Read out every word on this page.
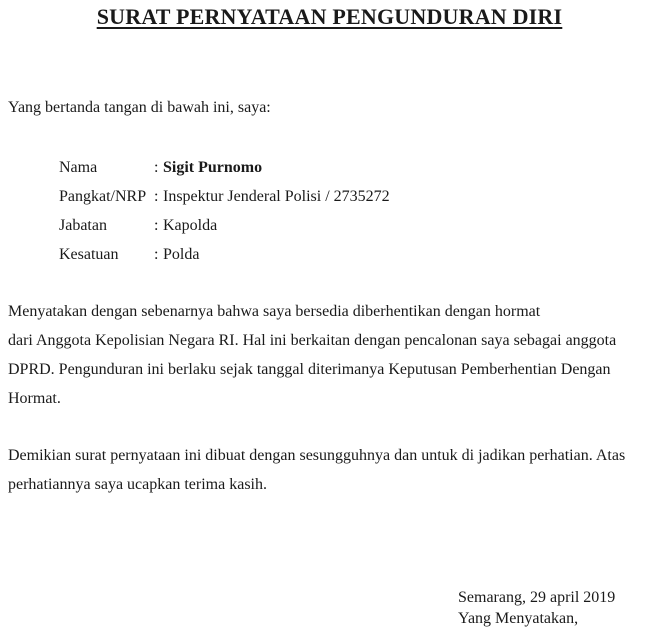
SURAT PERNYATAAN PENGUNDURAN DIRI
Yang bertanda tangan di bawah ini, saya:
Nama	: Sigit Purnomo
Pangkat/NRP : Inspektur Jenderal Polisi / 2735272
Jabatan	: Kapolda
Kesatuan	: Polda
Menyatakan dengan sebenarnya bahwa saya bersedia diberhentikan dengan hormat
dari Anggota Kepolisian Negara RI. Hal ini berkaitan dengan pencalonan saya sebagai anggota
DPRD. Pengunduran ini berlaku sejak tanggal diterimanya Keputusan Pemberhentian Dengan
Hormat.
Demikian surat pernyataan ini dibuat dengan sesungguhnya dan untuk di jadikan perhatian. Atas
perhatiannya saya ucapkan terima kasih.
Semarang, 29 april 2019
Yang Menyatakan,
